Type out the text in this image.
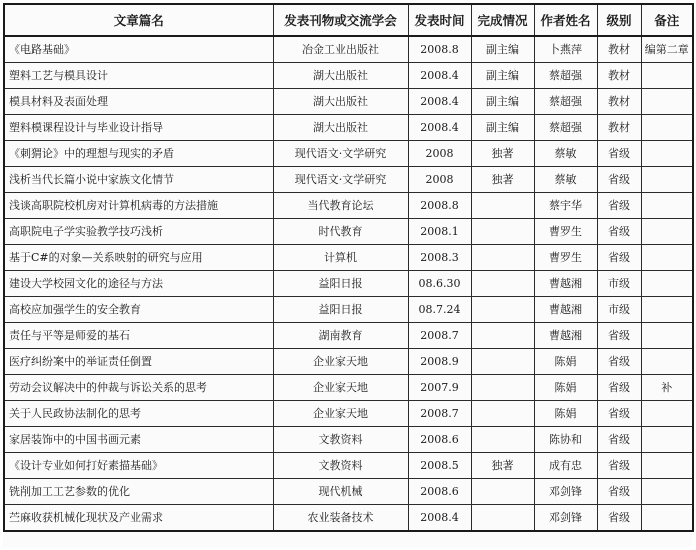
文章篇名	发表刊物或交流学会	发表时间	完成情况	作者姓名	级别	备注
《电路基础》	冶金工业出版社	2008.8	副主编	卜燕萍	教材	编第二章
塑料工艺与模具设计	湖大出版社	2008.4	副主编	蔡超强	教材	
模具材料及表面处理	湖大出版社	2008.4	副主编	蔡超强	教材	
塑料模课程设计与毕业设计指导	湖大出版社	2008.4	副主编	蔡超强	教材	
《刺猬论》中的理想与现实的矛盾	现代语文·文学研究	2008	独著	蔡敏	省级	
浅析当代长篇小说中家族文化情节	现代语文·文学研究	2008	独著	蔡敏	省级	
浅谈高职院校机房对计算机病毒的方法措施	当代教育论坛	2008.8		蔡宇华	省级	
高职院电子学实验教学技巧浅析	时代教育	2008.1		曹罗生	省级	
基于C#的对象—关系映射的研究与应用	计算机	2008.3		曹罗生	省级	
建设大学校园文化的途径与方法	益阳日报	08.6.30		曹越湘	市级	
高校应加强学生的安全教育	益阳日报	08.7.24		曹越湘	市级	
责任与平等是师爱的基石	湖南教育	2008.7		曹越湘	省级	
医疗纠纷案中的举证责任倒置	企业家天地	2008.9		陈娟	省级	
劳动会议解决中的仲裁与诉讼关系的思考	企业家天地	2007.9		陈娟	省级	补
关于人民政协法制化的思考	企业家天地	2008.7		陈娟	省级	
家居装饰中的中国书画元素	文教资料	2008.6		陈协和	省级	
《设计专业如何打好素描基础》	文教资料	2008.5	独著	成有忠	省级	
铣削加工工艺参数的优化	现代机械	2008.6		邓剑锋	省级	
苎麻收获机械化现状及产业需求	农业装备技术	2008.4		邓剑锋	省级	
